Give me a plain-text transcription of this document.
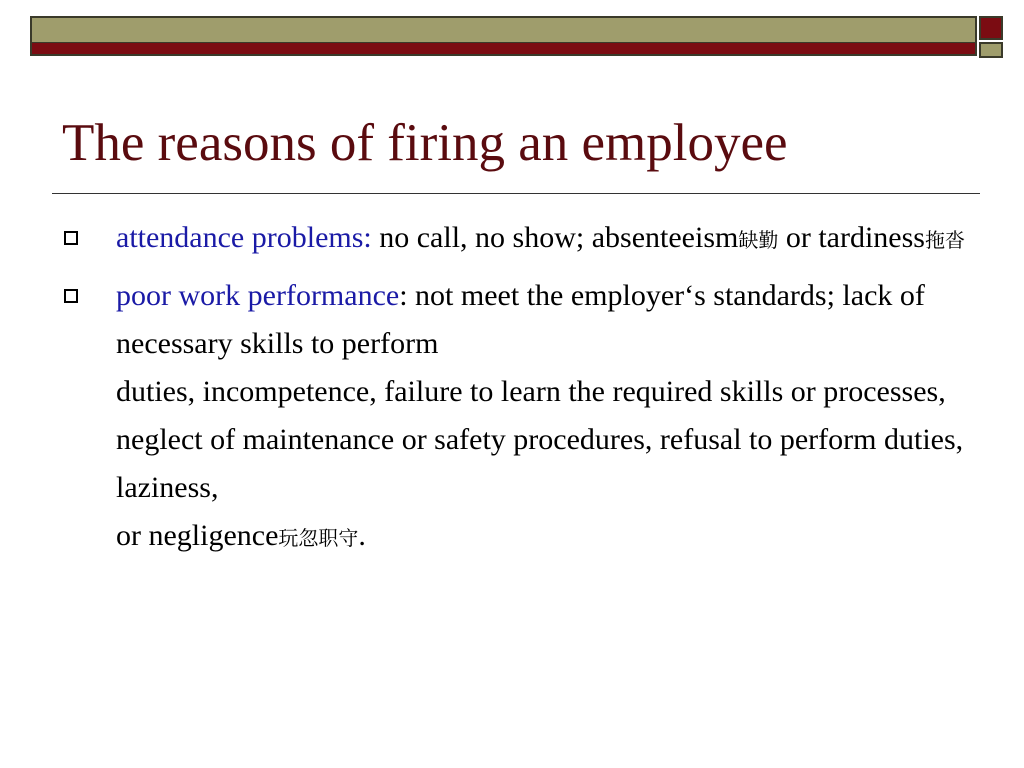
The reasons of firing an employee
attendance problems: no call, no show; absenteeism缺勤 or tardiness拖沓
poor work performance: not meet the employer‘s standards; lack of necessary skills to perform
duties, incompetence, failure to learn the required skills or processes, neglect of maintenance or safety procedures, refusal to perform duties, laziness,
or negligence玩忽职守.
